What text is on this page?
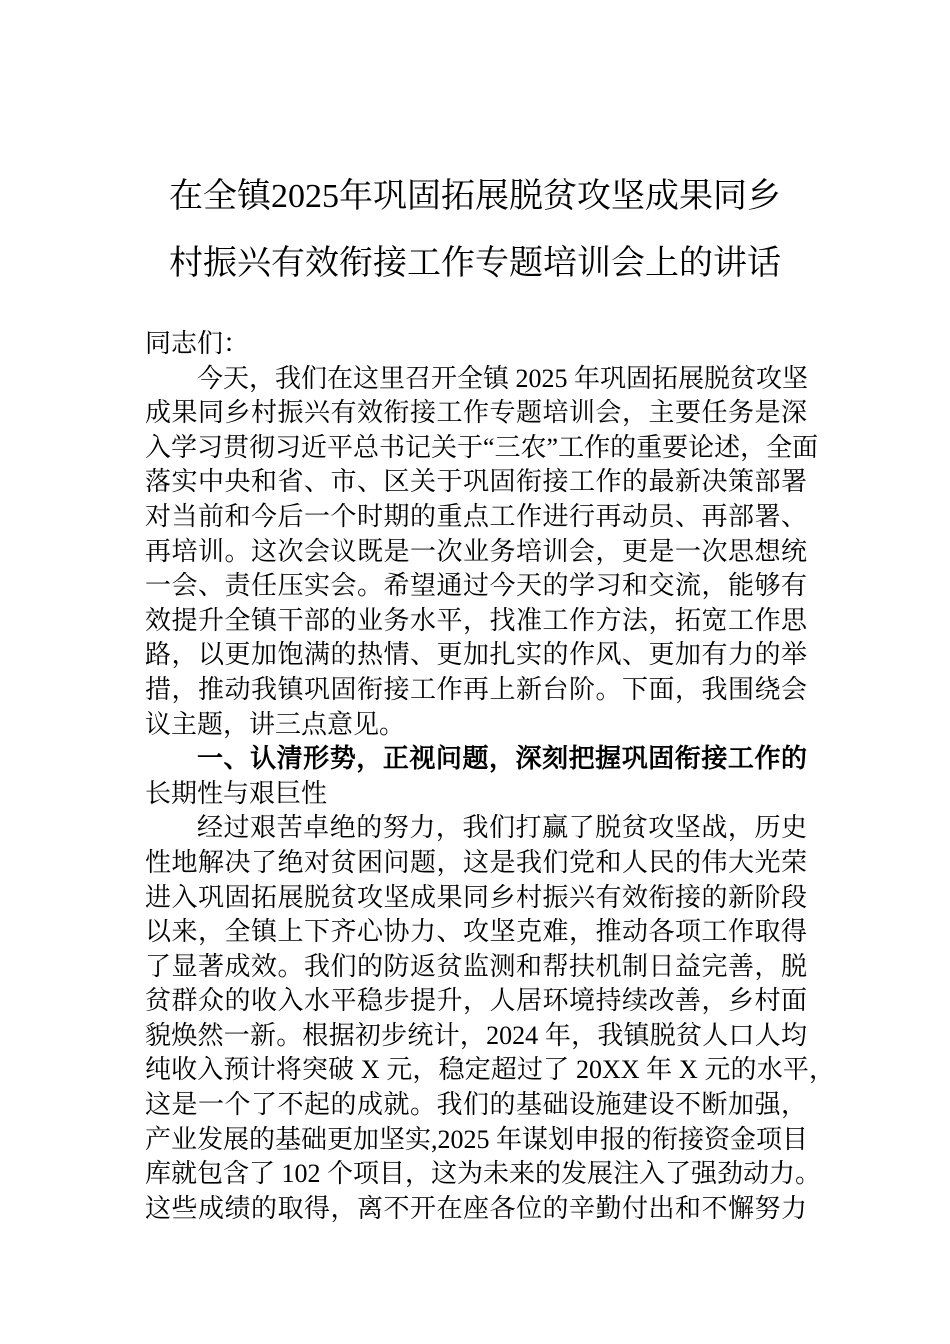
在全镇2025年巩固拓展脱贫攻坚成果同乡
村振兴有效衔接工作专题培训会上的讲话
同志们：
今天，我们在这里召开全镇 2025 年巩固拓展脱贫攻坚
成果同乡村振兴有效衔接工作专题培训会，主要任务是深
入学习贯彻习近平总书记关于“三农”工作的重要论述，全面
落实中央和省、市、区关于巩固衔接工作的最新决策部署
对当前和今后一个时期的重点工作进行再动员、再部署、
再培训。这次会议既是一次业务培训会，更是一次思想统
一会、责任压实会。希望通过今天的学习和交流，能够有
效提升全镇干部的业务水平，找准工作方法，拓宽工作思
路，以更加饱满的热情、更加扎实的作风、更加有力的举
措，推动我镇巩固衔接工作再上新台阶。下面，我围绕会
议主题，讲三点意见。
一、认清形势，正视问题，深刻把握巩固衔接工作的
长期性与艰巨性
经过艰苦卓绝的努力，我们打赢了脱贫攻坚战，历史
性地解决了绝对贫困问题，这是我们党和人民的伟大光荣
进入巩固拓展脱贫攻坚成果同乡村振兴有效衔接的新阶段
以来，全镇上下齐心协力、攻坚克难，推动各项工作取得
了显著成效。我们的防返贫监测和帮扶机制日益完善，脱
贫群众的收入水平稳步提升，人居环境持续改善，乡村面
貌焕然一新。根据初步统计，2024 年，我镇脱贫人口人均
纯收入预计将突破 X 元，稳定超过了 20XX 年 X 元的水平，
这是一个了不起的成就。我们的基础设施建设不断加强，
产业发展的基础更加坚实,2025 年谋划申报的衔接资金项目
库就包含了 102 个项目，这为未来的发展注入了强劲动力。
这些成绩的取得，离不开在座各位的辛勤付出和不懈努力
